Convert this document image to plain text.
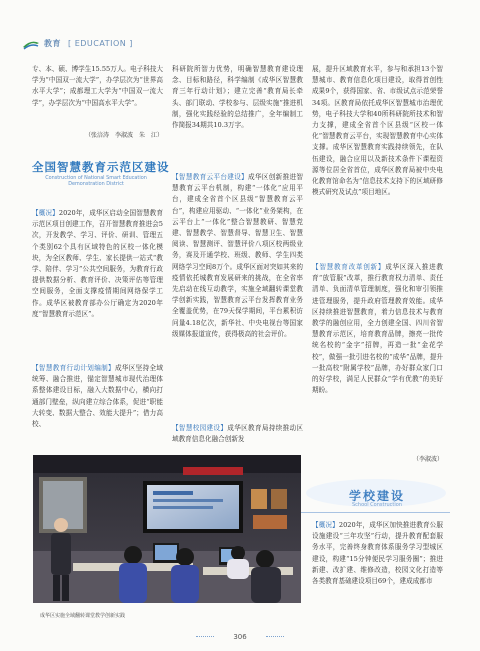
教育 [ EDUCATION ]
专、本、硕、博学生15.55万人。电子科技大学为“中国双一流大学”，办学层次为“世界高水平大学”；成都理工大学为“中国双一流大学”，办学层次为“中国高水平大学”。
（张涪涛　李淑波　朱　江）
全国智慧教育示范区建设
Construction of National Smart Education Demonstration District
【概况】2020年，成华区启动全国智慧教育示范区项目创建工作，召开智慧教育推进会5次，开发教学、学习、评价、研训、管理五个类别62个具有区域特色的区校一体化模块，为全区教师、学生、家长提供一站式“教学、陪伴、学习”公共空间服务，为教育行政提供数据分析、教育评价、决策评估等管理空间服务，全面支撑疫情期间网络保学工作。成华区被教育部办公厅确定为2020年度“智慧教育示范区”。
【智慧教育行动计划编制】成华区坚持全域统筹、融合推进，锚定智慧城市现代治理体系整体建设目标，融入大数据中心，横向打通部门壁垒，纵向建立综合体系，促进“职能大转变、数据大整合、效能大提升”；借力高校、
科研院所智力优势，明确智慧教育建设理念、目标和路径，科学编制《成华区智慧教育三年行动计划》；建立完善“教育局长牵头、部门联动、学校参与、层级实施”推进机制，强化实践经验的总结推广，全年编制工作简报34期共10.3万字。
【智慧教育云平台建设】成华区创新推进智慧教育云平台机制，构建“一体化”应用平台，建成全省首个区县级“智慧教育云平台”，构建应用驱动、“一体化”业务架构，在云平台上“一体化”整合智慧教研、智慧党建、智慧教学、智慧督导、智慧卫生、智慧阅读、智慧测评、智慧评价八项区校两级业务，赛及开通学校、班级、教师、学生四类网络学习空间8万个。成华区面对突如其来的疫情依托城教育发展研来的挑战，在全省率先启动在线互动教学，实施全域翻转课堂教学创新实践，智慧教育云平台发挥教育业务全覆盖优势，在79天保学期间，平台累积访问量4.18亿次，新华社、中央电视台等国家级媒体报道宣传，获得极高的社会评价。
【智慧校园建设】成华区教育局持续推动区域教育信息化融合创新发
展，提升区域教育水平，参与和承担13个智慧城市、教育信息化项目建设，取得首创性成果9个，获得国家、省、市级试点示范荣誉34项。区教育局依托成华区智慧城市治理优势，电子科技大学和40所科研院所技术和智力支撑，建成全省首个区县级“区校一体化”智慧教育云平台，实现智慧教育中心实体支撑。成华区智慧教育实践持续领先，在队伍建设，融合应用以及新技术条件下课程资源等位居全省首位，成华区教育局被中央电化教育馆命名为“信息技术支持下的区域研修模式研究及试点”项目地区。
【智慧教育改革创新】成华区深入推进教育“放管服”改革，推行教育权力清单、责任清单、负面清单管理制度，强化和审引领推进管理服务，提升政府管理教育效能。成华区持续推进智慧教育，着力信息技术与教育教学的融创应用，全力创建全国、四川省智慧教育示范区，培育教育品牌，擦亮一批传统名校的“金字”招牌，再造一批“金花学校”，做强一批引进名校的“成华”品牌，提升一批高校“附属学校”品牌，办好群众家门口的好学校，满足人民群众“学有优教”的美好期盼。
（李淑波）
学校建设
School Construction
【概况】2020年，成华区加快推进教育公服设施建设“三年攻坚”行动，提升教育配套服务水平，完善终身教育体系服务学习型城区建设，构建“15分钟便民学习服务圈”；推进新建、改扩建、维修改造，校园文化打造等各类教育基础建设项目69个，建成成都市
成华区实施全域翻转课堂教学创新实践
306
